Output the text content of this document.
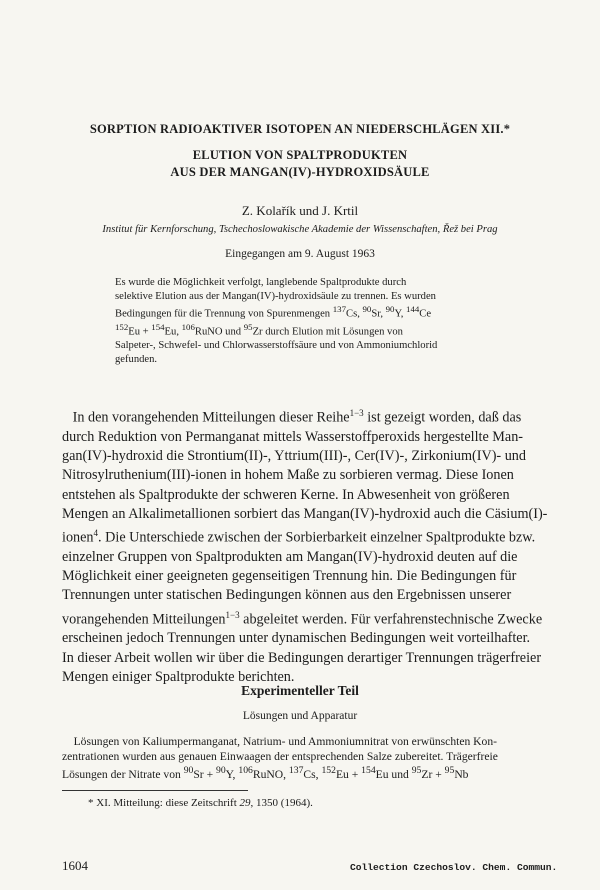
SORPTION RADIOAKTIVER ISOTOPEN AN NIEDERSCHLÄGEN XII.*
ELUTION VON SPALTPRODUKTEN
AUS DER MANGAN(IV)-HYDROXIDSÄULE
Z. Kolařík und J. Krtil
Institut für Kernforschung, Tschechoslowakische Akademie der Wissenschaften, Řež bei Prag
Eingegangen am 9. August 1963
Es wurde die Möglichkeit verfolgt, langlebende Spaltprodukte durch
selektive Elution aus der Mangan(IV)-hydroxidsäule zu trennen. Es wurden
Bedingungen für die Trennung von Spurenmengen $^{137}$Cs, $^{90}$Sr, $^{90}$Y, $^{144}$Ce
$^{152}$Eu + $^{154}$Eu, $^{106}$RuNO und $^{95}$Zr durch Elution mit Lösungen von
Salpeter-, Schwefel- und Chlorwasserstoffsäure und von Ammoniumchlorid
gefunden.
In den vorangehenden Mitteilungen dieser Reihe$^{1-3}$ ist gezeigt worden, daß das
durch Reduktion von Permanganat mittels Wasserstoffperoxids hergestellte Man-
gan(IV)-hydroxid die Strontium(II)-, Yttrium(III)-, Cer(IV)-, Zirkonium(IV)- und
Nitrosylruthenium(III)-ionen in hohem Maße zu sorbieren vermag. Diese Ionen
entstehen als Spaltprodukte der schweren Kerne. In Abwesenheit von größeren
Mengen an Alkalimetallionen sorbiert das Mangan(IV)-hydroxid auch die Cäsium(I)-
ionen$^4$. Die Unterschiede zwischen der Sorbierbarkeit einzelner Spaltprodukte bzw.
einzelner Gruppen von Spaltprodukten am Mangan(IV)-hydroxid deuten auf die
Möglichkeit einer geeigneten gegenseitigen Trennung hin. Die Bedingungen für
Trennungen unter statischen Bedingungen können aus den Ergebnissen unserer
vorangehenden Mitteilungen$^{1-3}$ abgeleitet werden. Für verfahrenstechnische Zwecke
erscheinen jedoch Trennungen unter dynamischen Bedingungen weit vorteilhafter.
In dieser Arbeit wollen wir über die Bedingungen derartiger Trennungen trägerfreier
Mengen einiger Spaltprodukte berichten.
Experimenteller Teil
Lösungen und Apparatur
Lösungen von Kaliumpermanganat, Natrium- und Ammoniumnitrat von erwünschten Kon-
zentrationen wurden aus genauen Einwaagen der entsprechenden Salze zubereitet. Trägerfreie
Lösungen der Nitrate von $^{90}$Sr + $^{90}$Y, $^{106}$RuNO, $^{137}$Cs, $^{152}$Eu + $^{154}$Eu und $^{95}$Zr + $^{95}$Nb
* XI. Mitteilung: diese Zeitschrift 29, 1350 (1964).
1604	Collection Czechoslov. Chem. Commun.
